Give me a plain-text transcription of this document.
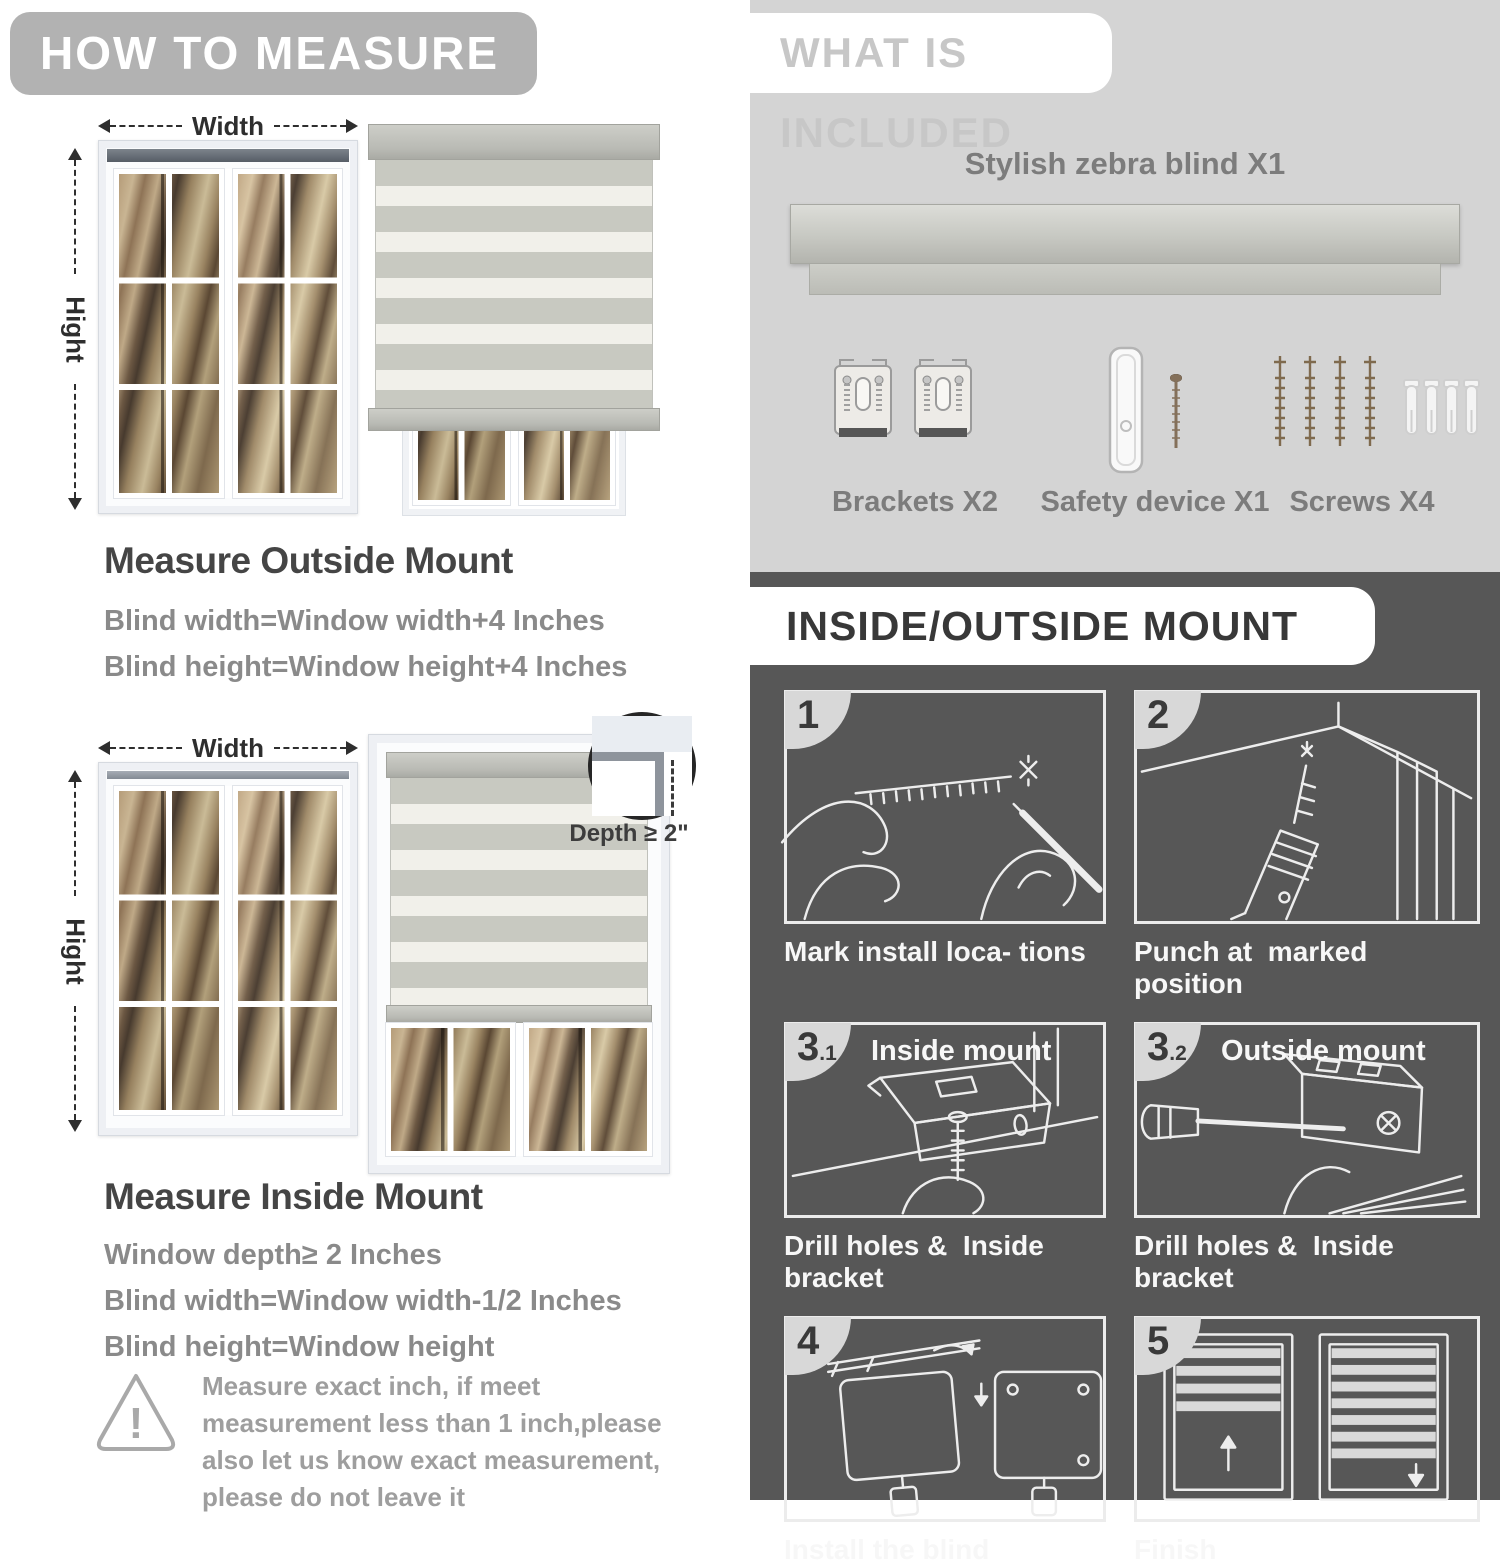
HOW TO MEASURE
Width
Hight
Measure Outside Mount
Blind width=Window width+4 Inches
Blind height=Window height+4 Inches
Width
Hight
Depth ≥ 2"
Measure Inside Mount
Window depth≥ 2 Inches
Blind width=Window width-1/2 Inches
Blind height=Window height
!
Measure exact inch, if meet measurement less than 1 inch,please also let us know exact measurement, please do not leave it
WHAT IS INCLUDED
Stylish zebra blind X1
Brackets X2	Safety device X1 Screws X4
INSIDE/OUTSIDE MOUNT
1
Mark install loca- tions
2
Punch at  marked position
3.1	Inside mount
Drill holes &  Inside bracket
3.2	Outside mount
Drill holes &  Inside bracket
4
Install the blind
5
Finish
